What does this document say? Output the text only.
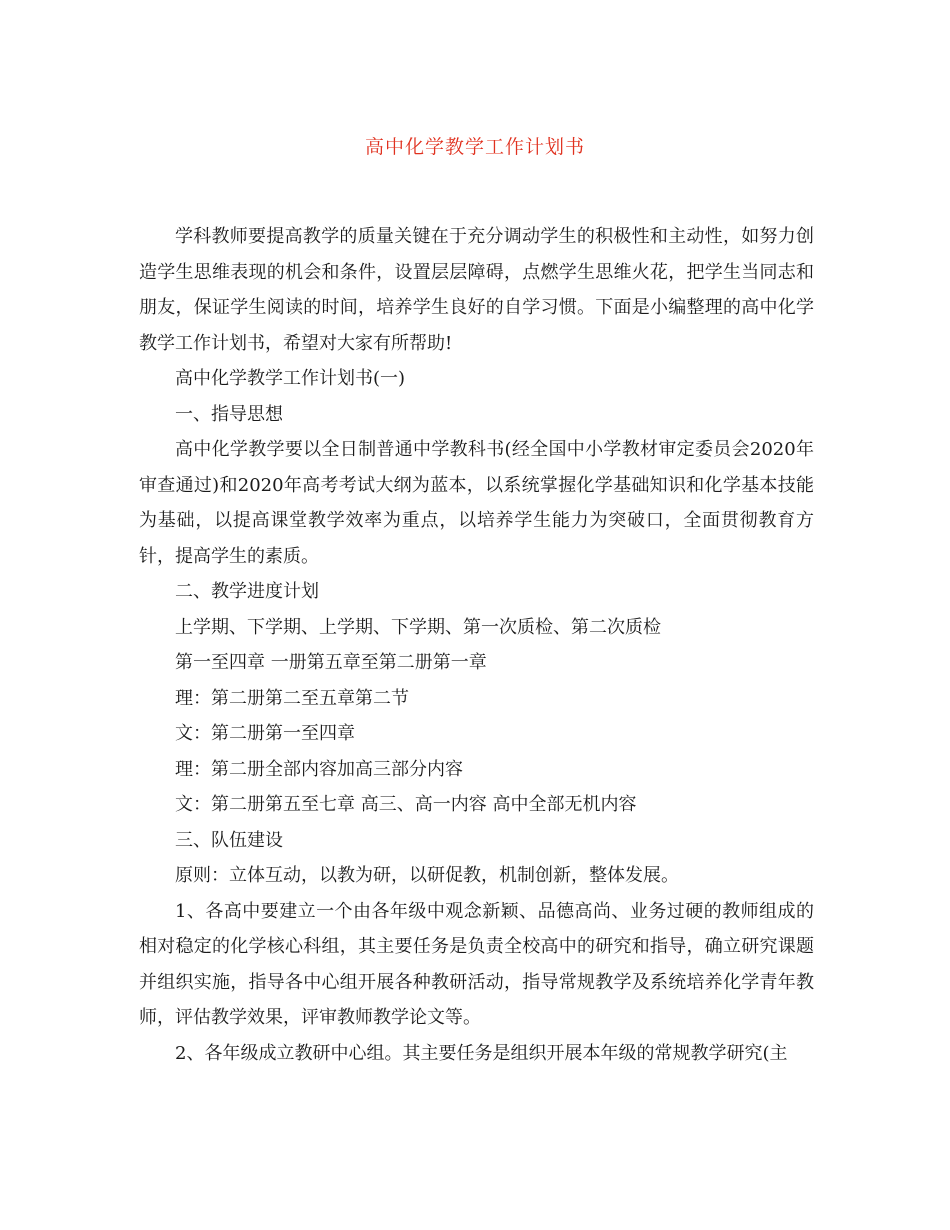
高中化学教学工作计划书

学科教师要提高教学的质量关键在于充分调动学生的积极性和主动性，如努力创造学生思维表现的机会和条件，设置层层障碍，点燃学生思维火花，把学生当同志和朋友，保证学生阅读的时间，培养学生良好的自学习惯。下面是小编整理的高中化学教学工作计划书，希望对大家有所帮助!

高中化学教学工作计划书(一)

一、指导思想

高中化学教学要以全日制普通中学教科书(经全国中小学教材审定委员会2020年审查通过)和2020年高考考试大纲为蓝本，以系统掌握化学基础知识和化学基本技能为基础，以提高课堂教学效率为重点，以培养学生能力为突破口，全面贯彻教育方针，提高学生的素质。

二、教学进度计划

上学期、下学期、上学期、下学期、第一次质检、第二次质检

第一至四章 一册第五章至第二册第一章

理：第二册第二至五章第二节

文：第二册第一至四章

理：第二册全部内容加高三部分内容

文：第二册第五至七章 高三、高一内容 高中全部无机内容

三、队伍建设

原则：立体互动，以教为研，以研促教，机制创新，整体发展。

1、各高中要建立一个由各年级中观念新颖、品德高尚、业务过硬的教师组成的相对稳定的化学核心科组，其主要任务是负责全校高中的研究和指导，确立研究课题并组织实施，指导各中心组开展各种教研活动，指导常规教学及系统培养化学青年教师，评估教学效果，评审教师教学论文等。

2、各年级成立教研中心组。其主要任务是组织开展本年级的常规教学研究(主
